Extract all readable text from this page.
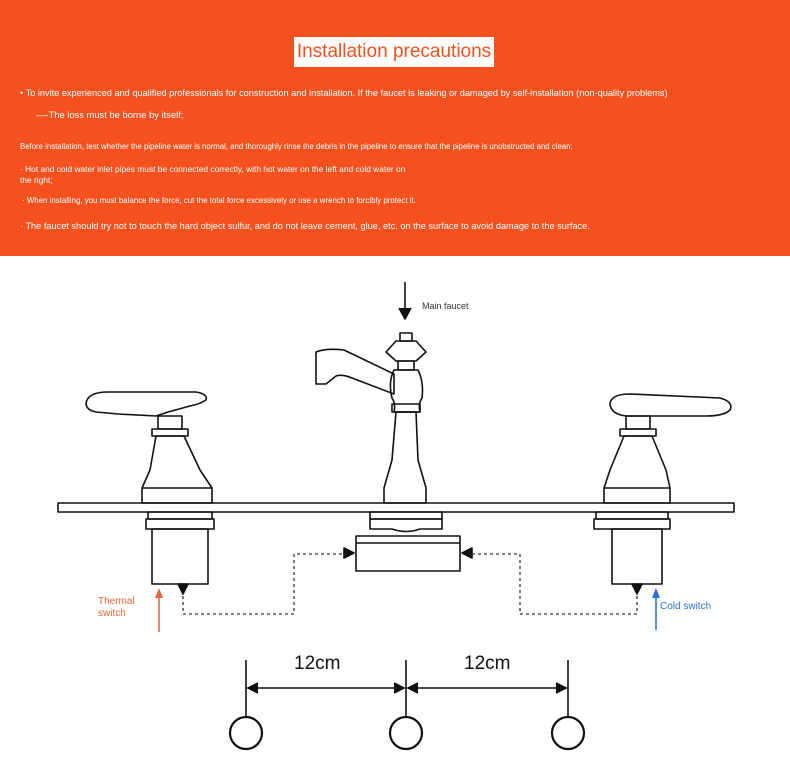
Installation precautions
• To invite experienced and qualified professionals for construction and installation. If the faucet is leaking or damaged by self-installation (non-quality problems)
—-The loss must be borne by itself;
Before installation, test whether the pipeline water is normal, and thoroughly rinse the debris in the pipeline to ensure that the pipeline is unobstructed and clean;
· Hot and cold water inlet pipes must be connected correctly, with hot water on the left and cold water on
the right;
· When installing, you must balance the force, cut the total force excessively or use a wrench to forcibly protect it.
· The faucet should try not to touch the hard object sulfur, and do not leave cement, glue, etc. on the surface to avoid damage to the surface.
Main faucet
Thermal
switch
Cold switch
12cm	12cm
